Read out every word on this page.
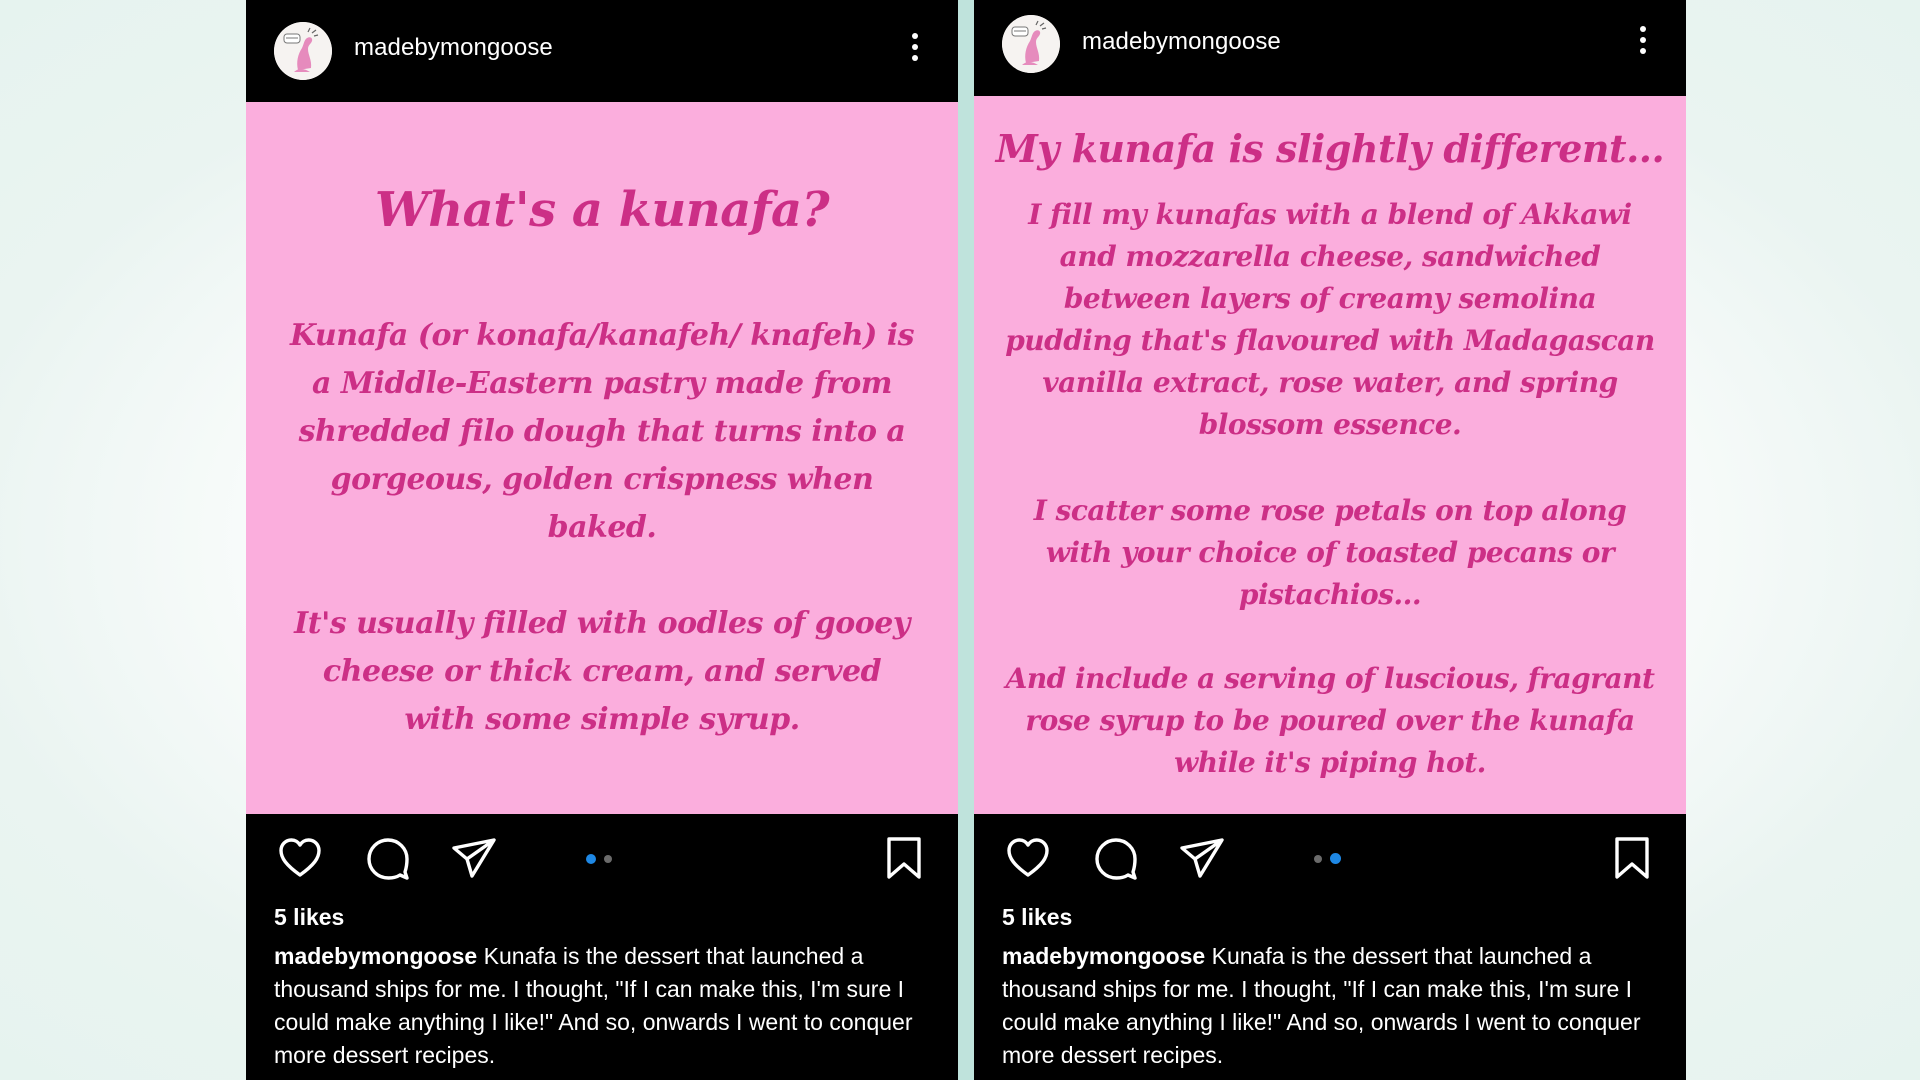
madebymongoose
What's a kunafa?
Kunafa (or konafa/kanafeh/ knafeh) is a Middle-Eastern pastry made from shredded filo dough that turns into a gorgeous, golden crispness when baked.
It's usually filled with oodles of gooey cheese or thick cream, and served with some simple syrup.
5 likes
madebymongoose Kunafa is the dessert that launched a thousand ships for me. I thought, "If I can make this, I'm sure I could make anything I like!" And so, onwards I went to conquer more dessert recipes.
madebymongoose
My kunafa is slightly different...
I fill my kunafas with a blend of Akkawi and mozzarella cheese, sandwiched between layers of creamy semolina pudding that's flavoured with Madagascan vanilla extract, rose water, and spring blossom essence.
I scatter some rose petals on top along with your choice of toasted pecans or pistachios...
And include a serving of luscious, fragrant rose syrup to be poured over the kunafa while it's piping hot.
5 likes
madebymongoose Kunafa is the dessert that launched a thousand ships for me. I thought, "If I can make this, I'm sure I could make anything I like!" And so, onwards I went to conquer more dessert recipes.
